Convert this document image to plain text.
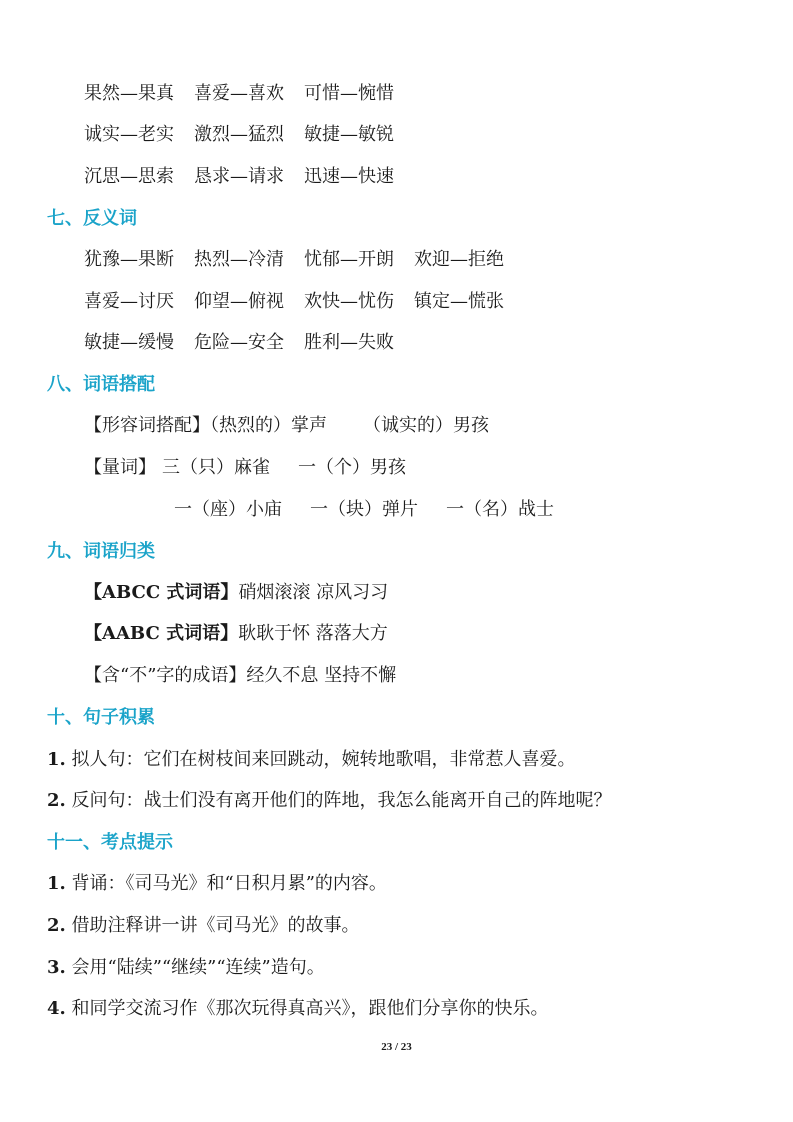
果然—果真 喜爱—喜欢 可惜—惋惜
诚实—老实 激烈—猛烈 敏捷—敏锐
沉思—思索 恳求—请求 迅速—快速
七、反义词
犹豫—果断 热烈—冷清 忧郁—开朗 欢迎—拒绝
喜爱—讨厌 仰望—俯视 欢快—忧伤 镇定—慌张
敏捷—缓慢 危险—安全 胜利—失败
八、词语搭配
【形容词搭配】（热烈的）掌声 （诚实的）男孩
【量词】 三（只）麻雀 一（个）男孩
一（座）小庙 一（块）弹片 一（名）战士
九、词语归类
【ABCC 式词语】硝烟滚滚 凉风习习
【AABC 式词语】耿耿于怀 落落大方
【含“不”字的成语】经久不息 坚持不懈
十、句子积累
1. 拟人句：它们在树枝间来回跳动，婉转地歌唱，非常惹人喜爱。
2. 反问句：战士们没有离开他们的阵地，我怎么能离开自己的阵地呢？
十一、考点提示
1. 背诵：《司马光》和“日积月累”的内容。
2. 借助注释讲一讲《司马光》的故事。
3. 会用“陆续”“继续”“连续”造句。
4. 和同学交流习作《那次玩得真高兴》，跟他们分享你的快乐。
23 / 23
